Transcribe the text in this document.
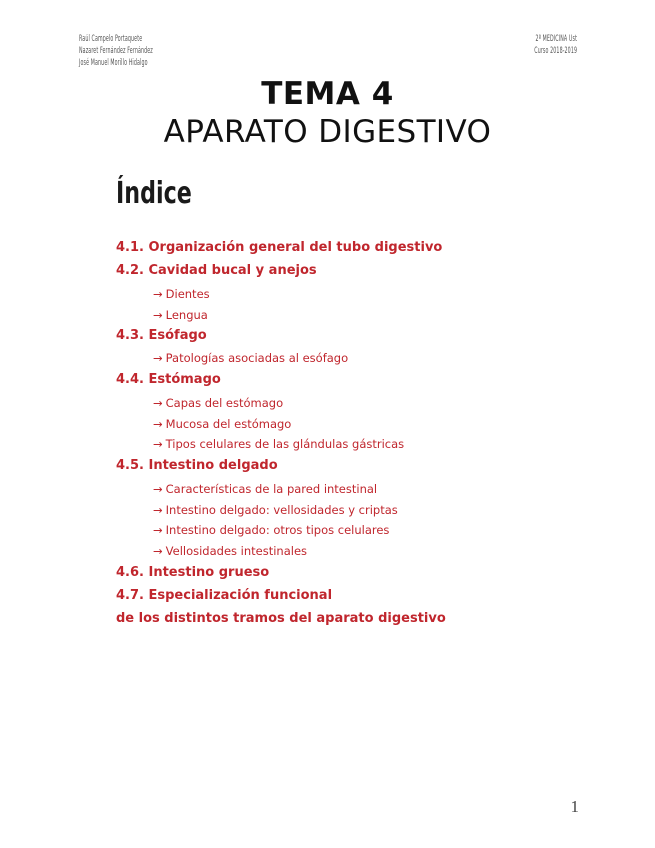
Raúl Campelo Portaquete
Nazaret Fernández Fernández
José Manuel Morillo Hidalgo
2º MEDICINA Ust
Curso 2018-2019
TEMA 4
APARATO DIGESTIVO
Índice
4.1. Organización general del tubo digestivo
4.2. Cavidad bucal y anejos
→ Dientes
→ Lengua
4.3. Esófago
→ Patologías asociadas al esófago
4.4. Estómago
→ Capas del estómago
→ Mucosa del estómago
→ Tipos celulares de las glándulas gástricas
4.5. Intestino delgado
→ Características de la pared intestinal
→ Intestino delgado: vellosidades y criptas
→ Intestino delgado: otros tipos celulares
→ Vellosidades intestinales
4.6. Intestino grueso
4.7. Especialización funcional
de los distintos tramos del aparato digestivo
1
